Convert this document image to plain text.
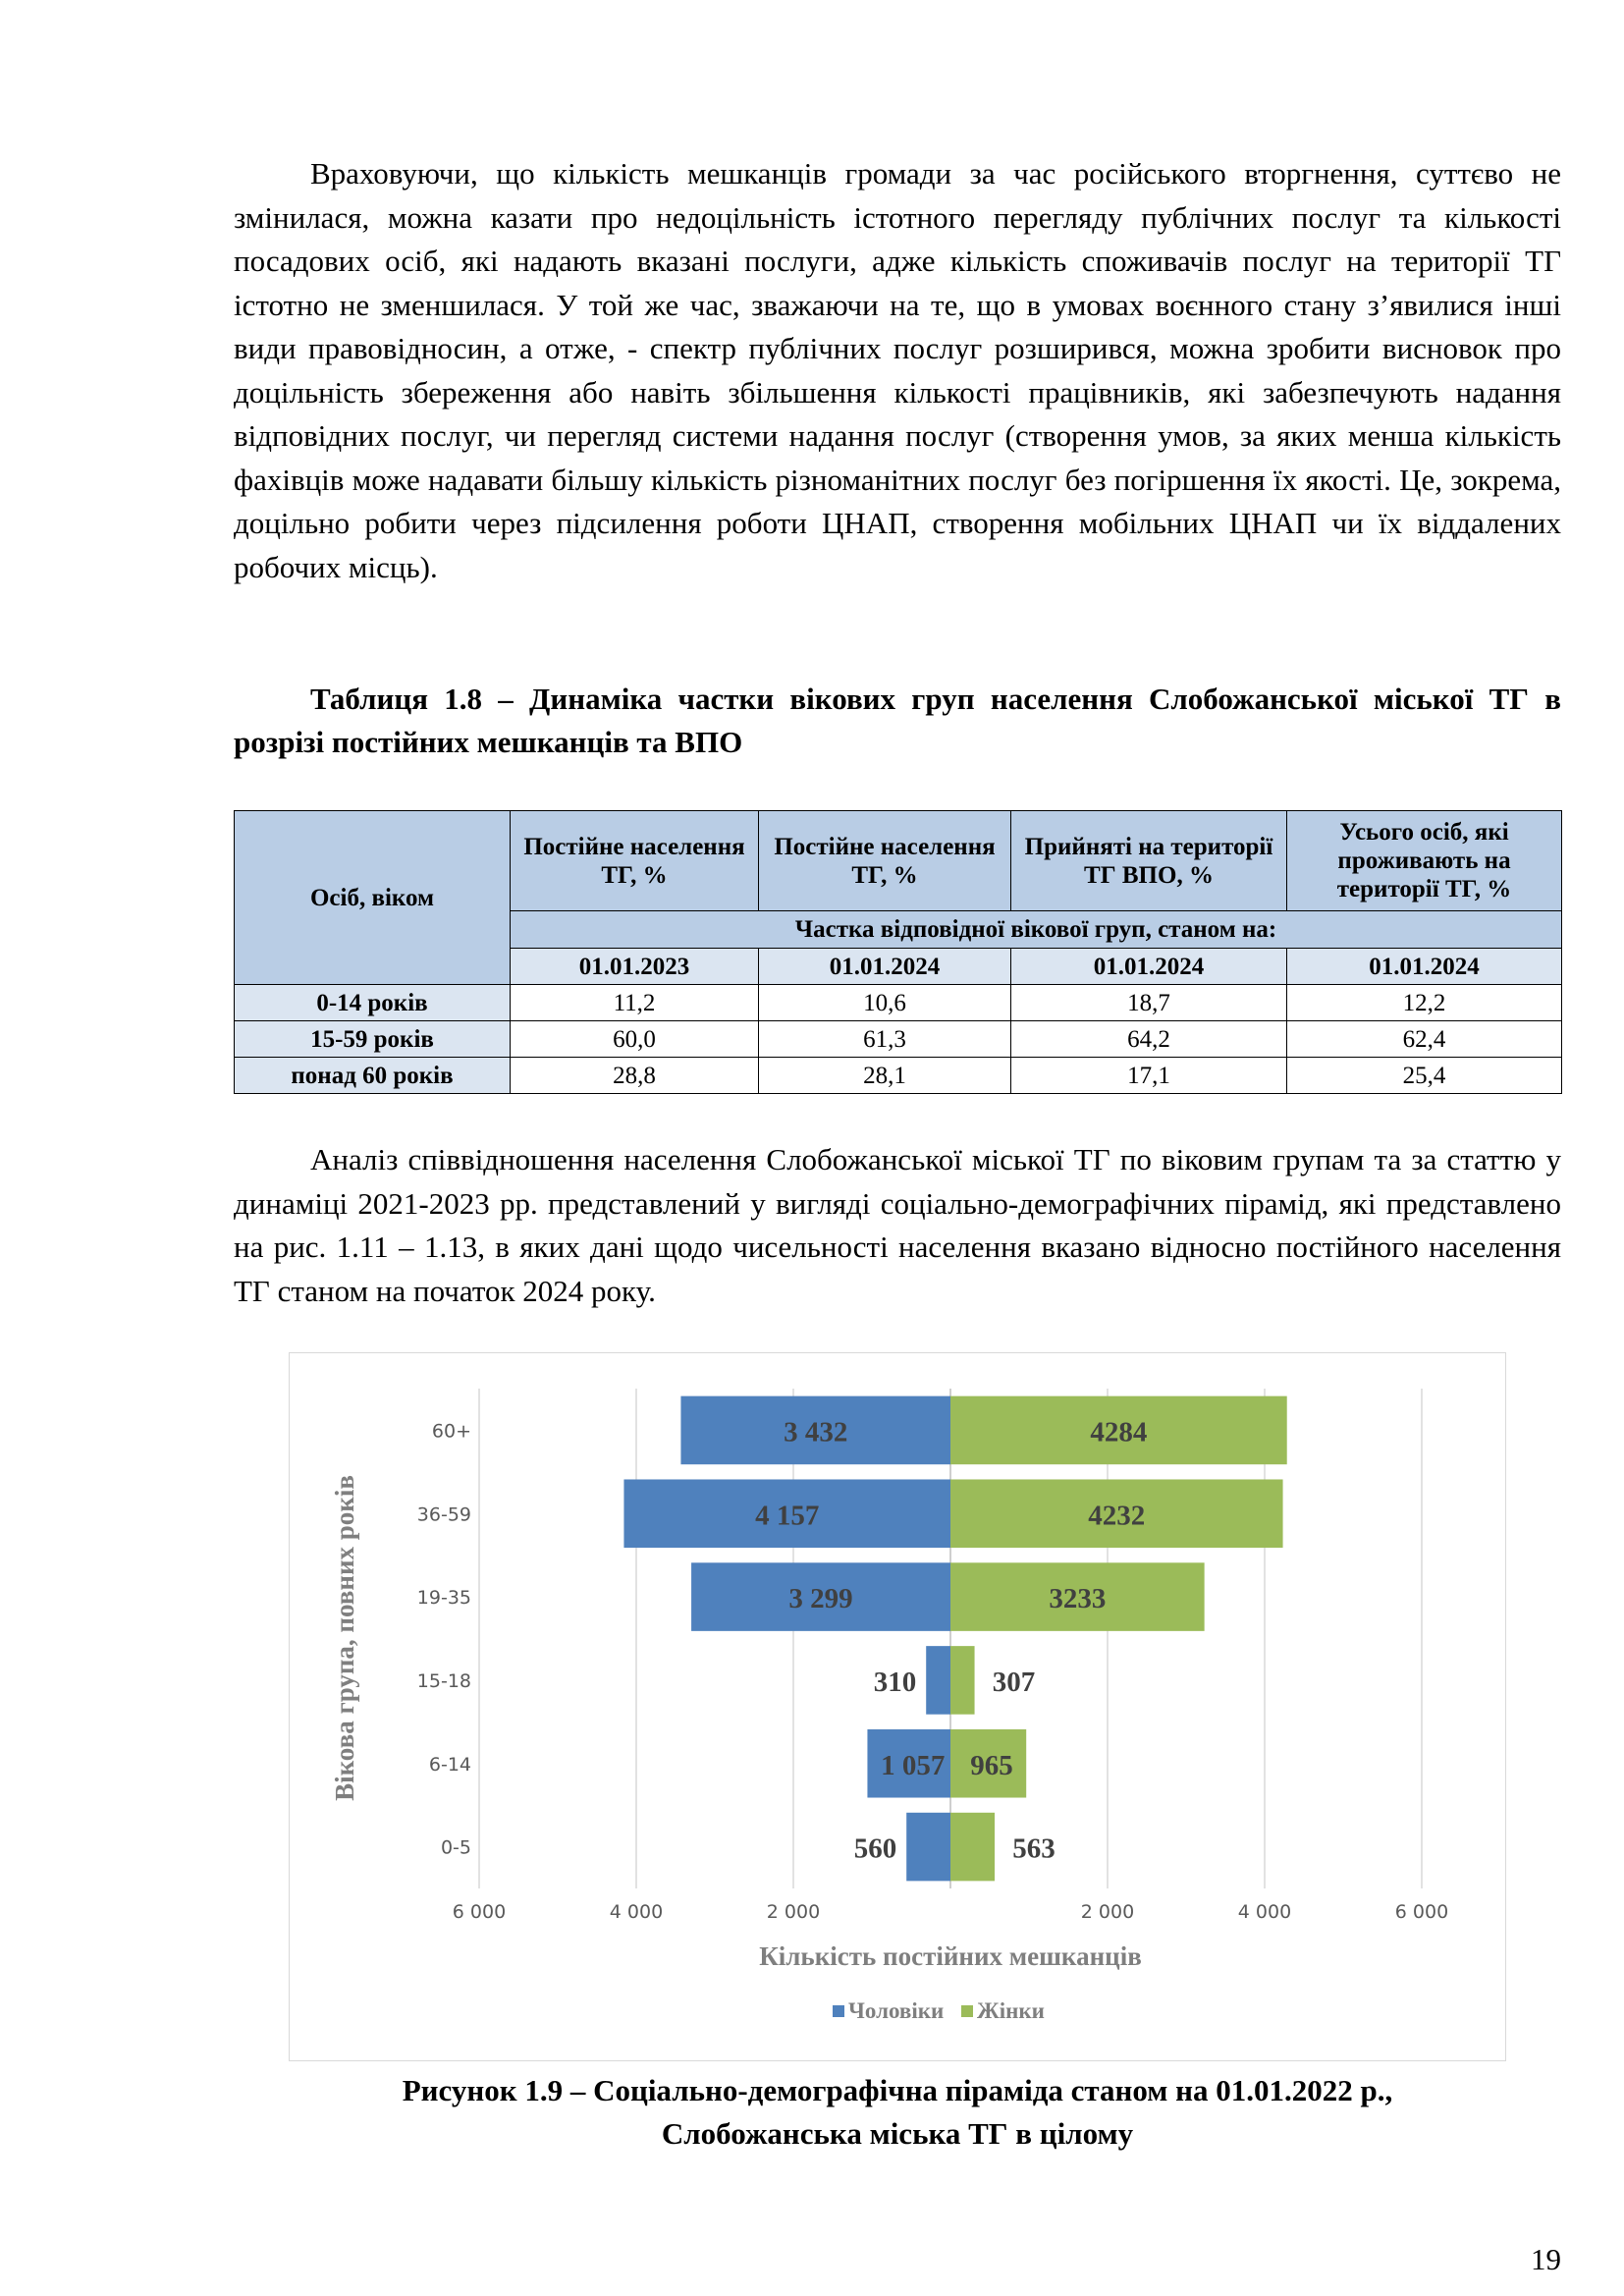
Враховуючи, що кількість мешканців громади за час російського вторгнення, суттєво не змінилася, можна казати про недоцільність істотного перегляду публічних послуг та кількості посадових осіб, які надають вказані послуги, адже кількість споживачів послуг на території ТГ істотно не зменшилася. У той же час, зважаючи на те, що в умовах воєнного стану з’явилися інші види правовідносин, а отже, - спектр публічних послуг розширився, можна зробити висновок про доцільність збереження або навіть збільшення кількості працівників, які забезпечують надання відповідних послуг, чи перегляд системи надання послуг (створення умов, за яких менша кількість фахівців може надавати більшу кількість різноманітних послуг без погіршення їх якості. Це, зокрема, доцільно робити через підсилення роботи ЦНАП, створення мобільних ЦНАП чи їх віддалених робочих місць).

Таблиця 1.8 – Динаміка частки вікових груп населення Слобожанської міської ТГ в розрізі постійних мешканців та ВПО

Осіб, віком	Постійне населення ТГ, %	Постійне населення ТГ, %	Прийняті на території ТГ ВПО, %	Усього осіб, які проживають на території ТГ, %
	Частка відповідної вікової груп, станом на:			
	01.01.2023	01.01.2024	01.01.2024	01.01.2024
0-14 років	11,2	10,6	18,7	12,2
15-59 років	60,0	61,3	64,2	62,4
понад 60 років	28,8	28,1	17,1	25,4

Аналіз співвідношення населення Слобожанської міської ТГ по віковим групам та за статтю у динаміці 2021-2023 рр. представлений у вигляді соціально-демографічних пірамід, які представлено на рис. 1.11 – 1.13, в яких дані щодо чисельності населення вказано відносно постійного населення ТГ станом на початок 2024 року.

6 000	4 000	2 000	2 000	4 000	6 000
60+	3 432	4284
36-59	4 157	4232
19-35	3 299	3233
15-18	310	307
6-14	1 057 965
0-5	560	563
Кількість постійних мешканців
Вікова група, повних років
Чоловіки Жінки
Рисунок 1.9 – Соціально-демографічна піраміда станом на 01.01.2022 р.,
Слобожанська міська ТГ в цілому
19
